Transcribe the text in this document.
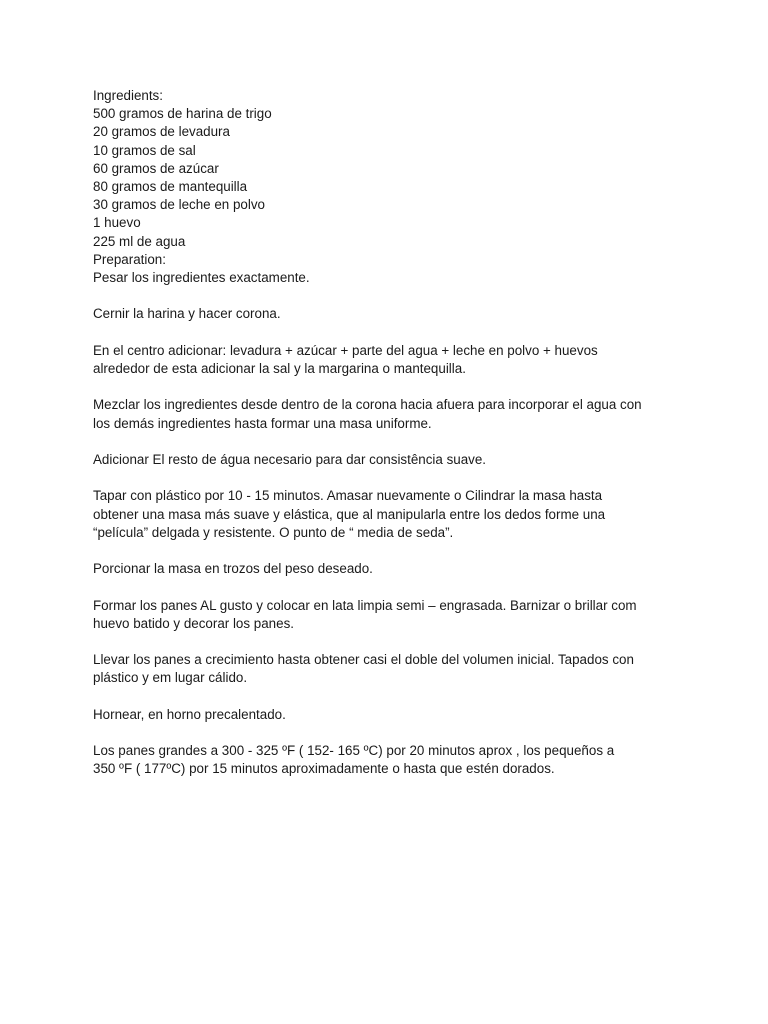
Ingredients:
500 gramos de harina de trigo
20 gramos de levadura
10 gramos de sal
60 gramos de azúcar
80 gramos de mantequilla
30 gramos de leche en polvo
1 huevo
225 ml de agua
Preparation:
Pesar los ingredientes exactamente.
Cernir la harina y hacer corona.
En el centro adicionar: levadura + azúcar + parte del agua + leche en polvo + huevos
alrededor de esta adicionar la sal y la margarina o mantequilla.
Mezclar los ingredientes desde dentro de la corona hacia afuera para incorporar el agua con
los demás ingredientes hasta formar una masa uniforme.
Adicionar El resto de água necesario para dar consistência suave.
Tapar con plástico por 10 - 15 minutos. Amasar nuevamente o Cilindrar la masa hasta
obtener una masa más suave y elástica, que al manipularla entre los dedos forme una
“película” delgada y resistente. O punto de “ media de seda”.
Porcionar la masa en trozos del peso deseado.
Formar los panes AL gusto y colocar en lata limpia semi – engrasada. Barnizar o brillar com
huevo batido y decorar los panes.
Llevar los panes a crecimiento hasta obtener casi el doble del volumen inicial. Tapados con
plástico y em lugar cálido.
Hornear, en horno precalentado.
Los panes grandes a 300 - 325 ºF ( 152- 165 ºC) por 20 minutos aprox , los pequeños a
350 ºF ( 177ºC) por 15 minutos aproximadamente o hasta que estén dorados.
